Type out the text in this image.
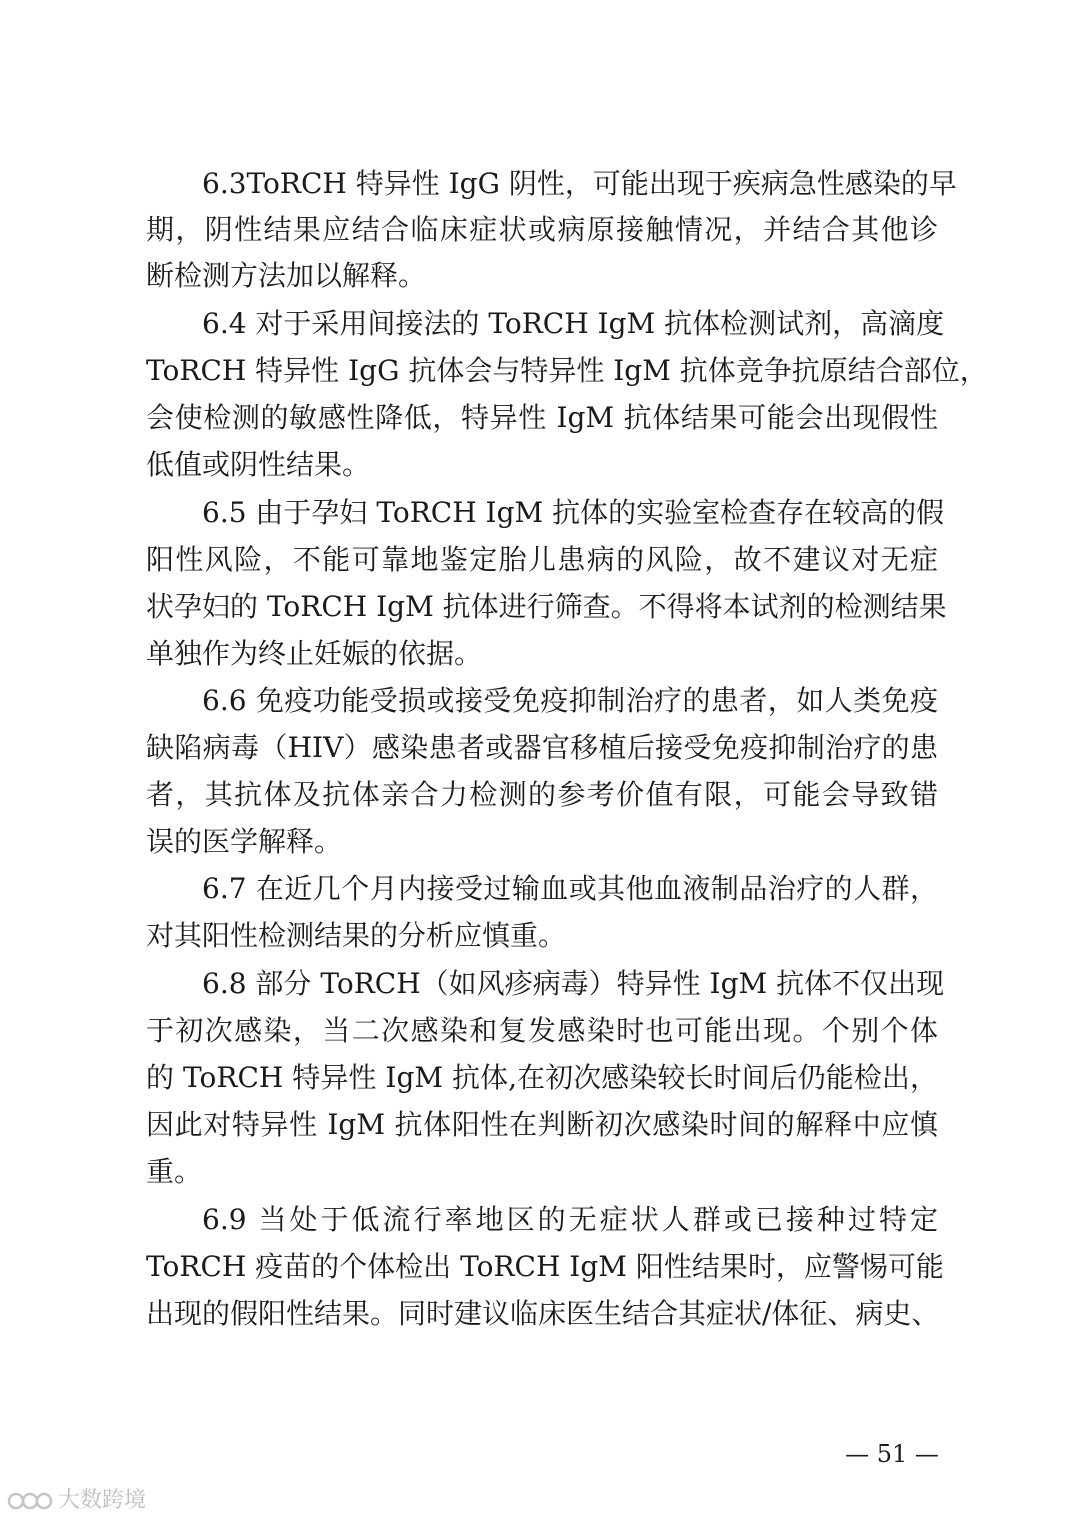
6.3ToRCH 特异性 IgG 阴性，可能出现于疾病急性感染的早
期，阴性结果应结合临床症状或病原接触情况，并结合其他诊
断检测方法加以解释。
6.4 对于采用间接法的 ToRCH IgM 抗体检测试剂，高滴度
ToRCH 特异性 IgG 抗体会与特异性 IgM 抗体竞争抗原结合部位，
会使检测的敏感性降低，特异性 IgM 抗体结果可能会出现假性
低值或阴性结果。
6.5 由于孕妇 ToRCH IgM 抗体的实验室检查存在较高的假
阳性风险，不能可靠地鉴定胎儿患病的风险，故不建议对无症
状孕妇的 ToRCH IgM 抗体进行筛查。不得将本试剂的检测结果
单独作为终止妊娠的依据。
6.6 免疫功能受损或接受免疫抑制治疗的患者，如人类免疫
缺陷病毒（HIV）感染患者或器官移植后接受免疫抑制治疗的患
者，其抗体及抗体亲合力检测的参考价值有限，可能会导致错
误的医学解释。
6.7 在近几个月内接受过输血或其他血液制品治疗的人群，
对其阳性检测结果的分析应慎重。
6.8 部分 ToRCH（如风疹病毒）特异性 IgM 抗体不仅出现
于初次感染，当二次感染和复发感染时也可能出现。个别个体
的 ToRCH 特异性 IgM 抗体,在初次感染较长时间后仍能检出，
因此对特异性 IgM 抗体阳性在判断初次感染时间的解释中应慎
重。
6.9 当处于低流行率地区的无症状人群或已接种过特定
ToRCH 疫苗的个体检出 ToRCH IgM 阳性结果时，应警惕可能
出现的假阳性结果。同时建议临床医生结合其症状/体征、病史、
— 51 —
大数跨境
